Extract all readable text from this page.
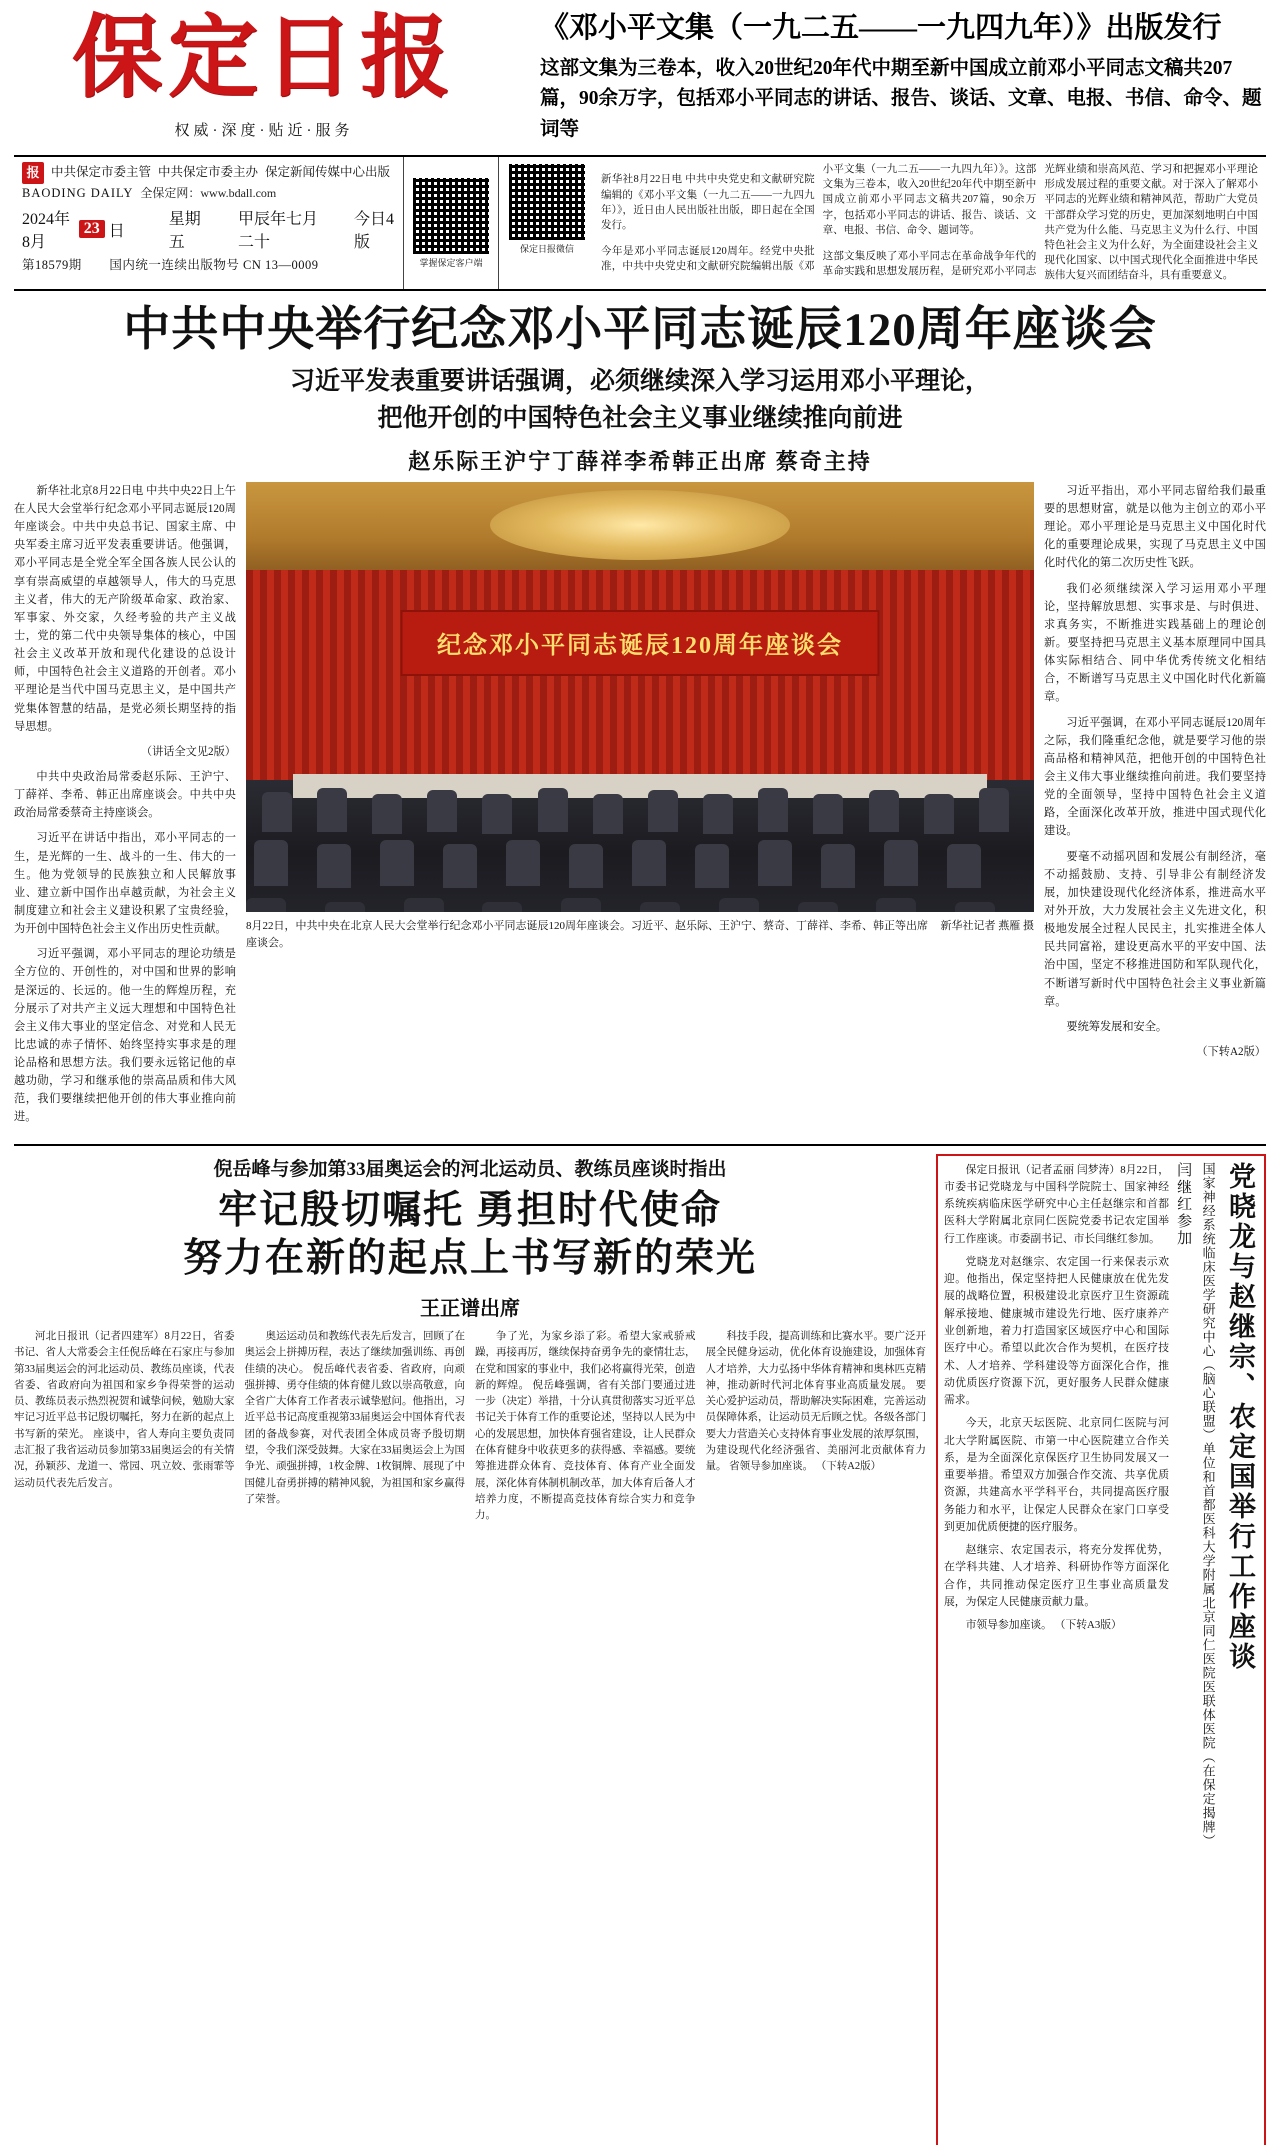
保定日报
权威·深度·贴近·服务
《邓小平文集（一九二五——一九四九年）》出版发行
这部文集为三卷本，收入20世纪20年代中期至新中国成立前邓小平同志文稿共207篇，90余万字，包括邓小平同志的讲话、报告、谈话、文章、电报、书信、命令、题词等
报 中共保定市委主管 中共保定市委主办 保定新闻传媒中心出版
BAODING DAILY 全保定网：www.bdall.com
2024年8月
23 日
星期五
甲辰年七月二十
今日4版
第18579期 国内统一连续出版物号 CN 13—0009	掌握保定客户端
保定日报微信

新华社8月22日电 中共中央党史和文献研究院编辑的《邓小平文集（一九二五——一九四九年）》，近日由人民出版社出版，即日起在全国发行。

今年是邓小平同志诞辰120周年。经党中央批准，中共中央党史和文献研究院编辑出版《邓小平文集（一九二五——一九四九年）》。这部文集为三卷本，收入20世纪20年代中期至新中国成立前邓小平同志文稿共207篇，90余万字，包括邓小平同志的讲话、报告、谈话、文章、电报、书信、命令、题词等。

这部文集反映了邓小平同志在革命战争年代的革命实践和思想发展历程，是研究邓小平同志光辉业绩和崇高风范、学习和把握邓小平理论形成发展过程的重要文献。对于深入了解邓小平同志的光辉业绩和精神风范，帮助广大党员干部群众学习党的历史，更加深刻地明白中国共产党为什么能、马克思主义为什么行、中国特色社会主义为什么好，为全面建设社会主义现代化国家、以中国式现代化全面推进中华民族伟大复兴而团结奋斗，具有重要意义。

中共中央举行纪念邓小平同志诞辰120周年座谈会
习近平发表重要讲话强调，必须继续深入学习运用邓小平理论，
把他开创的中国特色社会主义事业继续推向前进
赵乐际王沪宁丁薛祥李希韩正出席 蔡奇主持

新华社北京8月22日电 中共中央22日上午在人民大会堂举行纪念邓小平同志诞辰120周年座谈会。中共中央总书记、国家主席、中央军委主席习近平发表重要讲话。他强调，邓小平同志是全党全军全国各族人民公认的享有崇高威望的卓越领导人，伟大的马克思主义者，伟大的无产阶级革命家、政治家、军事家、外交家，久经考验的共产主义战士，党的第二代中央领导集体的核心，中国社会主义改革开放和现代化建设的总设计师，中国特色社会主义道路的开创者。邓小平理论是当代中国马克思主义，是中国共产党集体智慧的结晶，是党必须长期坚持的指导思想。

（讲话全文见2版）

中共中央政治局常委赵乐际、王沪宁、丁薛祥、李希、韩正出席座谈会。中共中央政治局常委蔡奇主持座谈会。

习近平在讲话中指出，邓小平同志的一生，是光辉的一生、战斗的一生、伟大的一生。他为党领导的民族独立和人民解放事业、建立新中国作出卓越贡献，为社会主义制度建立和社会主义建设积累了宝贵经验，为开创中国特色社会主义作出历史性贡献。

习近平强调，邓小平同志的理论功绩是全方位的、开创性的，对中国和世界的影响是深远的、长远的。他一生的辉煌历程，充分展示了对共产主义远大理想和中国特色社会主义伟大事业的坚定信念、对党和人民无比忠诚的赤子情怀、始终坚持实事求是的理论品格和思想方法。我们要永远铭记他的卓越功勋，学习和继承他的崇高品质和伟大风范，我们要继续把他开创的伟大事业推向前进。

纪念邓小平同志诞辰120周年座谈会
8月22日，中共中央在北京人民大会堂举行纪念邓小平同志诞辰120周年座谈会。习近平、赵乐际、王沪宁、蔡奇、丁薛祥、李希、韩正等出席座谈会。
新华社记者 燕雁 摄

习近平指出，邓小平同志留给我们最重要的思想财富，就是以他为主创立的邓小平理论。邓小平理论是马克思主义中国化时代化的重要理论成果，实现了马克思主义中国化时代化的第二次历史性飞跃。

我们必须继续深入学习运用邓小平理论，坚持解放思想、实事求是、与时俱进、求真务实，不断推进实践基础上的理论创新。要坚持把马克思主义基本原理同中国具体实际相结合、同中华优秀传统文化相结合，不断谱写马克思主义中国化时代化新篇章。

习近平强调，在邓小平同志诞辰120周年之际，我们隆重纪念他，就是要学习他的崇高品格和精神风范，把他开创的中国特色社会主义伟大事业继续推向前进。我们要坚持党的全面领导，坚持中国特色社会主义道路，全面深化改革开放，推进中国式现代化建设。

要毫不动摇巩固和发展公有制经济，毫不动摇鼓励、支持、引导非公有制经济发展，加快建设现代化经济体系，推进高水平对外开放，大力发展社会主义先进文化，积极地发展全过程人民民主，扎实推进全体人民共同富裕，建设更高水平的平安中国、法治中国，坚定不移推进国防和军队现代化，不断谱写新时代中国特色社会主义事业新篇章。

要统筹发展和安全。

（下转A2版）

倪岳峰与参加第33届奥运会的河北运动员、教练员座谈时指出
牢记殷切嘱托 勇担时代使命
努力在新的起点上书写新的荣光
王正谱出席

河北日报讯（记者四建军）8月22日，省委书记、省人大常委会主任倪岳峰在石家庄与参加第33届奥运会的河北运动员、教练员座谈，代表省委、省政府向为祖国和家乡争得荣誉的运动员、教练员表示热烈祝贺和诚挚问候，勉励大家牢记习近平总书记殷切嘱托，努力在新的起点上书写新的荣光。 座谈中，省人寿向主要负责同志汇报了我省运动员参加第33届奥运会的有关情况，孙颖莎、龙道一、常园、巩立姣、张雨霏等运动员代表先后发言。

奥运运动员和教练代表先后发言，回顾了在奥运会上拼搏历程，表达了继续加强训练、再创佳绩的决心。 倪岳峰代表省委、省政府，向顽强拼搏、勇夺佳绩的体育健儿致以崇高敬意，向全省广大体育工作者表示诚挚慰问。他指出，习近平总书记高度重视第33届奥运会中国体育代表团的备战参赛，对代表团全体成员寄予殷切期望，令我们深受鼓舞。大家在33届奥运会上为国争光、顽强拼搏，1枚金牌、1枚铜牌、展现了中国健儿奋勇拼搏的精神风貌，为祖国和家乡赢得了荣誉。

争了光，为家乡添了彩。希望大家戒骄戒躁，再接再厉，继续保持奋勇争先的豪情壮志，在党和国家的事业中，我们必将赢得光荣，创造新的辉煌。 倪岳峰强调，省有关部门要通过进一步（决定）举措，十分认真贯彻落实习近平总书记关于体育工作的重要论述，坚持以人民为中心的发展思想，加快体育强省建设，让人民群众在体育健身中收获更多的获得感、幸福感。要统筹推进群众体育、竞技体育、体育产业全面发展，深化体育体制机制改革，加大体育后备人才培养力度，不断提高竞技体育综合实力和竞争力。

科技手段，提高训练和比赛水平。要广泛开展全民健身运动，优化体育设施建设，加强体育人才培养，大力弘扬中华体育精神和奥林匹克精神，推动新时代河北体育事业高质量发展。 要关心爱护运动员，帮助解决实际困难，完善运动员保障体系，让运动员无后顾之忧。各级各部门要大力营造关心支持体育事业发展的浓厚氛围，为建设现代化经济强省、美丽河北贡献体育力量。 省领导参加座谈。 （下转A2版）	党晓龙与赵继宗、农定国举行工作座谈
国家神经系统临床医学研究中心（脑心联盟）单位和首都医科大学附属北京同仁医院医联体医院（在保定揭牌）
闫继红参加

保定日报讯（记者孟丽 闫梦涛）8月22日，市委书记党晓龙与中国科学院院士、国家神经系统疾病临床医学研究中心主任赵继宗和首都医科大学附属北京同仁医院党委书记农定国举行工作座谈。市委副书记、市长闫继红参加。

党晓龙对赵继宗、农定国一行来保表示欢迎。他指出，保定坚持把人民健康放在优先发展的战略位置，积极建设北京医疗卫生资源疏解承接地、健康城市建设先行地、医疗康养产业创新地，着力打造国家区域医疗中心和国际医疗中心。希望以此次合作为契机，在医疗技术、人才培养、学科建设等方面深化合作，推动优质医疗资源下沉，更好服务人民群众健康需求。

今天，北京天坛医院、北京同仁医院与河北大学附属医院、市第一中心医院建立合作关系，是为全面深化京保医疗卫生协同发展又一重要举措。希望双方加强合作交流、共享优质资源，共建高水平学科平台，共同提高医疗服务能力和水平，让保定人民群众在家门口享受到更加优质便捷的医疗服务。

赵继宗、农定国表示，将充分发挥优势，在学科共建、人才培养、科研协作等方面深化合作，共同推动保定医疗卫生事业高质量发展，为保定人民健康贡献力量。

市领导参加座谈。 （下转A3版）
